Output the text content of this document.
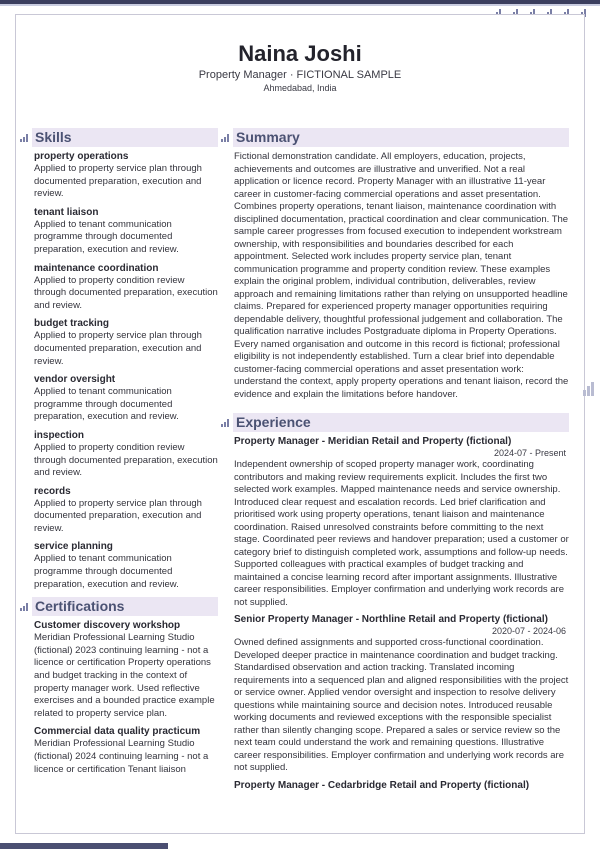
Naina Joshi
Property Manager · FICTIONAL SAMPLE
Ahmedabad, India
Skills
property operations
Applied to property service plan through documented preparation, execution and review.
tenant liaison
Applied to tenant communication programme through documented preparation, execution and review.
maintenance coordination
Applied to property condition review through documented preparation, execution and review.
budget tracking
Applied to property service plan through documented preparation, execution and review.
vendor oversight
Applied to tenant communication programme through documented preparation, execution and review.
inspection
Applied to property condition review through documented preparation, execution and review.
records
Applied to property service plan through documented preparation, execution and review.
service planning
Applied to tenant communication programme through documented preparation, execution and review.
Certifications
Customer discovery workshop
Meridian Professional Learning Studio (fictional) 2023 continuing learning - not a licence or certification Property operations and budget tracking in the context of property manager work. Used reflective exercises and a bounded practice example related to property service plan.
Commercial data quality practicum
Meridian Professional Learning Studio (fictional) 2024 continuing learning - not a licence or certification Tenant liaison
Summary
Fictional demonstration candidate. All employers, education, projects, achievements and outcomes are illustrative and unverified. Not a real application or licence record. Property Manager with an illustrative 11-year career in customer-facing commercial operations and asset presentation. Combines property operations, tenant liaison, maintenance coordination with disciplined documentation, practical coordination and clear communication. The sample career progresses from focused execution to independent workstream ownership, with responsibilities and boundaries described for each appointment. Selected work includes property service plan, tenant communication programme and property condition review. These examples explain the original problem, individual contribution, deliverables, review approach and remaining limitations rather than relying on unsupported headline claims. Prepared for experienced property manager opportunities requiring dependable delivery, thoughtful professional judgement and collaboration. The qualification narrative includes Postgraduate diploma in Property Operations. Every named organisation and outcome in this record is fictional; professional eligibility is not independently established. Turn a clear brief into dependable customer-facing commercial operations and asset presentation work: understand the context, apply property operations and tenant liaison, record the evidence and explain the limitations before handover.
Experience
Property Manager - Meridian Retail and Property (fictional)
2024-07 - Present
Independent ownership of scoped property manager work, coordinating contributors and making review requirements explicit. Includes the first two selected work examples. Mapped maintenance needs and service ownership. Introduced clear request and escalation records. Led brief clarification and prioritised work using property operations, tenant liaison and maintenance coordination. Raised unresolved constraints before committing to the next stage. Coordinated peer reviews and handover preparation; used a customer or category brief to distinguish completed work, assumptions and follow-up needs. Supported colleagues with practical examples of budget tracking and maintained a concise learning record after important assignments. Illustrative career responsibilities. Employer confirmation and underlying work records are not supplied.
Senior Property Manager - Northline Retail and Property (fictional)
2020-07 - 2024-06
Owned defined assignments and supported cross-functional coordination. Developed deeper practice in maintenance coordination and budget tracking. Standardised observation and action tracking. Translated incoming requirements into a sequenced plan and aligned responsibilities with the project or service owner. Applied vendor oversight and inspection to resolve delivery questions while maintaining source and decision notes. Introduced reusable working documents and reviewed exceptions with the responsible specialist rather than silently changing scope. Prepared a sales or service review so the next team could understand the work and remaining questions. Illustrative career responsibilities. Employer confirmation and underlying work records are not supplied.
Property Manager - Cedarbridge Retail and Property (fictional)
